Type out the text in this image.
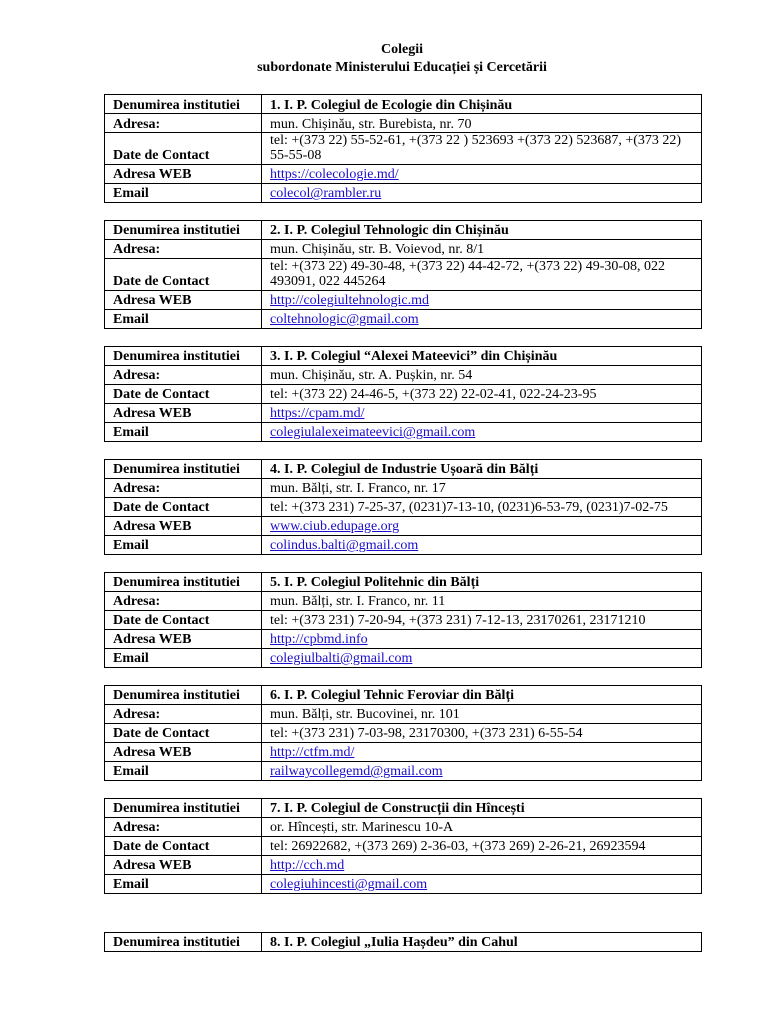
Colegii
subordonate Ministerului Educației și Cercetării
Denumirea institutiei	1. I. P. Colegiul de Ecologie din Chișinău
Adresa:	mun. Chișinău, str. Burebista, nr. 70
Date de Contact	tel: +(373 22) 55-52-61, +(373 22 ) 523693 +(373 22) 523687, +(373 22) 55-55-08
Adresa WEB	https://colecologie.md/
Email	colecol@rambler.ru
Denumirea institutiei	2. I. P. Colegiul Tehnologic din Chișinău
Adresa:	mun. Chișinău, str. B. Voievod, nr. 8/1
Date de Contact	tel: +(373 22) 49-30-48, +(373 22) 44-42-72, +(373 22) 49-30-08, 022 493091, 022 445264
Adresa WEB	http://colegiultehnologic.md
Email	coltehnologic@gmail.com
Denumirea institutiei	3. I. P. Colegiul “Alexei Mateevici” din Chișinău
Adresa:	mun. Chișinău, str. A. Pușkin, nr. 54
Date de Contact	tel: +(373 22) 24-46-5, +(373 22) 22-02-41, 022-24-23-95
Adresa WEB	https://cpam.md/
Email	colegiulalexeimateevici@gmail.com
Denumirea institutiei	4. I. P. Colegiul de Industrie Ușoară din Bălți
Adresa:	mun. Bălți, str. I. Franco, nr. 17
Date de Contact	tel: +(373 231) 7-25-37, (0231)7-13-10, (0231)6-53-79, (0231)7-02-75
Adresa WEB	www.ciub.edupage.org
Email	colindus.balti@gmail.com
Denumirea institutiei	5. I. P. Colegiul Politehnic din Bălți
Adresa:	mun. Bălți, str. I. Franco, nr. 11
Date de Contact	tel: +(373 231) 7-20-94, +(373 231) 7-12-13, 23170261, 23171210
Adresa WEB	http://cpbmd.info
Email	colegiulbalti@gmail.com
Denumirea institutiei	6. I. P. Colegiul Tehnic Feroviar din Bălți
Adresa:	mun. Bălți, str. Bucovinei, nr. 101
Date de Contact	tel: +(373 231) 7-03-98, 23170300, +(373 231) 6-55-54
Adresa WEB	http://ctfm.md/
Email	railwaycollegemd@gmail.com
Denumirea institutiei	7. I. P. Colegiul de Construcții din Hîncești
Adresa:	or. Hîncești, str. Marinescu 10-A
Date de Contact	tel: 26922682, +(373 269) 2-36-03, +(373 269) 2-26-21, 26923594
Adresa WEB	http://cch.md
Email	colegiuhincesti@gmail.com
Denumirea institutiei	8. I. P. Colegiul „Iulia Hașdeu” din Cahul
